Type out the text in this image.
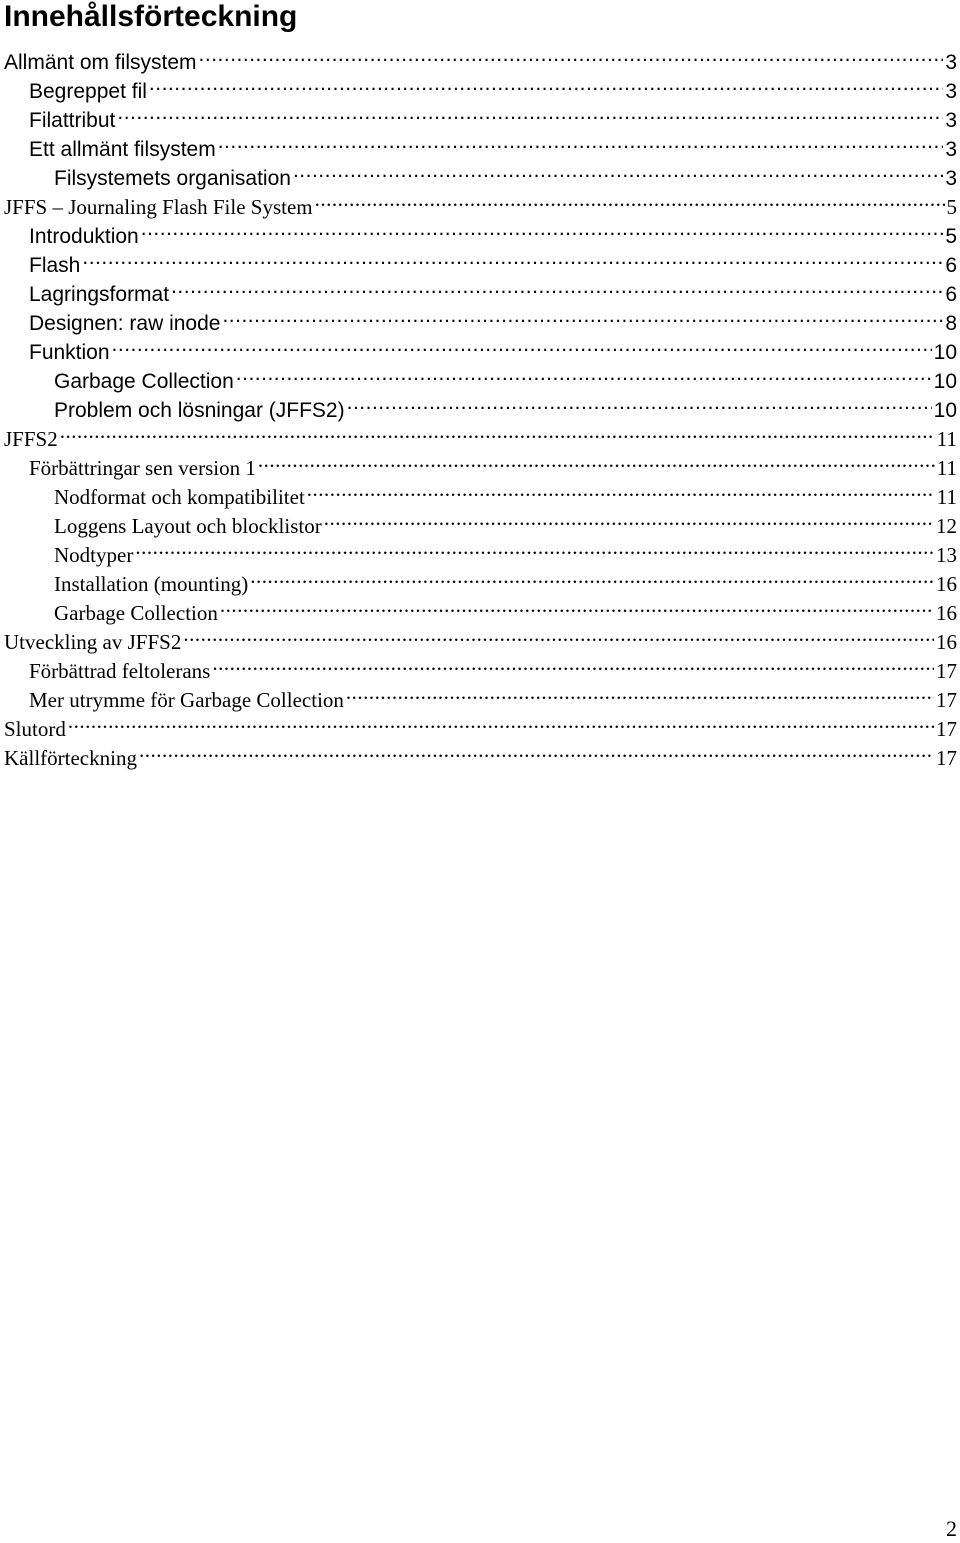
Innehållsförteckning
Allmänt om filsystem .....	3
Begreppet fil .....	3
Filattribut .....	3
Ett allmänt filsystem .....	3
Filsystemets organisation .....	3
JFFS – Journaling Flash File System .....	5
Introduktion .....	5
Flash .....	6
Lagringsformat .....	6
Designen: raw inode .....	8
Funktion .....	10
Garbage Collection .....	10
Problem och lösningar (JFFS2) .....	10
JFFS2 .....	11
Förbättringar sen version 1 .....	11
Nodformat och kompatibilitet .....	11
Loggens Layout och blocklistor .....	12
Nodtyper .....	13
Installation (mounting) .....	16
Garbage Collection .....	16
Utveckling av JFFS2 .....	16
Förbättrad feltolerans .....	17
Mer utrymme för Garbage Collection .....	17
Slutord .....	17
Källförteckning .....	17
2
